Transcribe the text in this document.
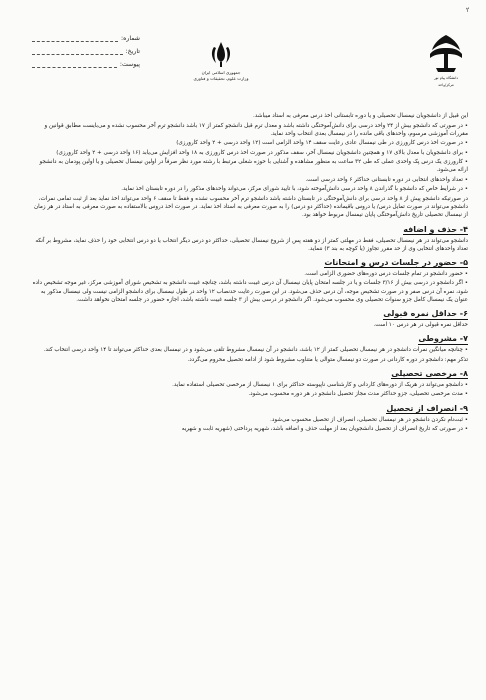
۲
شماره:
تاریخ:
پیوست:
جمهوری اسلامی ایران
وزارت علوم، تحقیقات و فناوری	دانشگاه پیام نور
مرکز/واحد

این قبیل از دانشجویان نیمسال تحصیلی و یا دوره تابستانی اخذ درس معرفی به استاد میباشد.

• در صورتی که دانشجو بیش از ۲۴ واحد درسی برای دانش‌آموختگی داشته باشد و معدل ترم قبل دانشجو کمتر از ۱۷ باشد دانشجو ترم آخر محسوب نشده و می‌بایست مطابق قوانین و مقررات آموزشی مرسوم، واحدهای باقی مانده را در نیمسال بعدی انتخاب واحد نماید.

• در صورت اخذ درس کارورزی در طی نیمسال عادی رعایت سقف ۱۴ واحد الزامی است (۱۲ واحد درسی + ۲ واحد کارورزی)

• برای دانشجویان با معدل بالای ۱۷ و همچنین دانشجویان نیمسال آخر، سقف مذکور در صورت اخذ درس کارورزی به ۱۸ واحد افزایش می‌یابد (۱۶ واحد درسی + ۲ واحد کارورزی)

• کارورزی یک درس پک واحدی عملی که طی ۳۲ ساعت به منظور مشاهده و آشنایی با حوزه شغلی مرتبط با رشته مورد نظر صرفاً در اولین نیمسال تحصیلی و یا اولین پودمان به دانشجو ارائه می‌شود.

• تعداد واحدهای انتخابی در دوره تابستانی حداکثر ۶ واحد درسی است.

• در شرایط خاص که دانشجو با گذراندن ۸ واحد درسی دانش‌آموخته شود، با تایید شورای مرکز، می‌تواند واحدهای مذکور را در دوره تابستان اخذ نماید.

در صورتیکه دانشجو پیش از ۸ واحد درسی برای دانش‌آموختگی در تابستان داشته باشد دانشجو ترم آخر محسوب نشده و فقط تا سقف ۶ واحد می‌تواند اخذ نماید بعد از ثبت تمامی نمرات، دانشجو می‌تواند در صورت تمایل درس/ یا دروس باقیمانده (حداکثر دو درس) را به صورت معرفی به استاد اخذ نماید. در صورت اخذ دروس بالاستفاده به صورت معرفی به استاد در هر زمان از نیمسال تحصیلی تاریخ دانش‌آموختگی پایان نیمسال مربوط خواهد بود.

۴- حذف و اضافه

دانشجو می‌تواند در هر نیمسال تحصیلی، فقط در مهلتی کمتر از دو هفته پس از شروع نیمسال تحصیلی، حداکثر دو درس دیگر انتخاب یا دو درس انتخابی خود را حذف نماید، مشروط بر آنکه تعداد واحدهای انتخابی وی از حد مقرر تجاوز (یا کوچه به بند ۳) ننماید.

۵- حضور در جلسات درس و امتحانات

• حضور دانشجو در تمام جلسات درس دوره‌های حضوری الزامی است.

• اگر دانشجو در درسی بیش از ۳/۱۶ جلسات و یا در جلسه امتحان پایان نیمسال آن درس غیبت داشته باشد، چنانچه غیبت دانشجو به تشخیص شورای آموزشی مرکز، غیر موجه تشخیص داده شود، نمره آن درس صفر و در صورت تشخیص موجه، آن درس حذف می‌شود. در این صورت رعایت حدنصاب ۱۲ واحد در طول نیمسال برای دانشجو الزامی نیست ولی نیمسال مذکور به عنوان یک نیمسال کامل جزو سنوات تحصیلی وی محسوب می‌شود. اگر دانشجو در درسی بیش از ۳ جلسه غیبت داشته باشد، اجازه حضور در جلسه امتحان نخواهد داشت.

۶- حداقل نمره قبولی

حداقل نمره قبولی در هر درس ۱۰ است.

۷- مشروطی

• چنانچه میانگین نمرات دانشجو در هر نیمسال تحصیلی کمتر از ۱۲ باشد، دانشجو در آن نیمسال مشروط تلقی می‌شود و در نیمسال بعدی حداکثر می‌تواند تا ۱۴ واحد درسی انتخاب کند.

تذکر مهم: دانشجو در دوره کاردانی در صورت دو نیمسال متوالی یا متناوب مشروط شود از ادامه تحصیل محروم می‌گردد.

۸- مرخصی تحصیلی

• دانشجو می‌تواند در هریک از دوره‌های کاردانی و کارشناسی ناپیوسته حداکثر برای ۱ نیمسال از مرخصی تحصیلی استفاده نماید.

• مدت مرخصی تحصیلی، جزو حداکثر مدت مجاز تحصیل دانشجو در هر دوره محسوب می‌شود.

۹- انصراف از تحصیل

• ثبت‌نام نکردن دانشجو در هر نیمسال تحصیلی، انصراف از تحصیل محسوب می‌شود.

• در صورتی که تاریخ انصراف از تحصیل دانشجویان بعد از مهلت حذف و اضافه باشد، شهریه پرداختی (شهریه ثابت و شهریه
